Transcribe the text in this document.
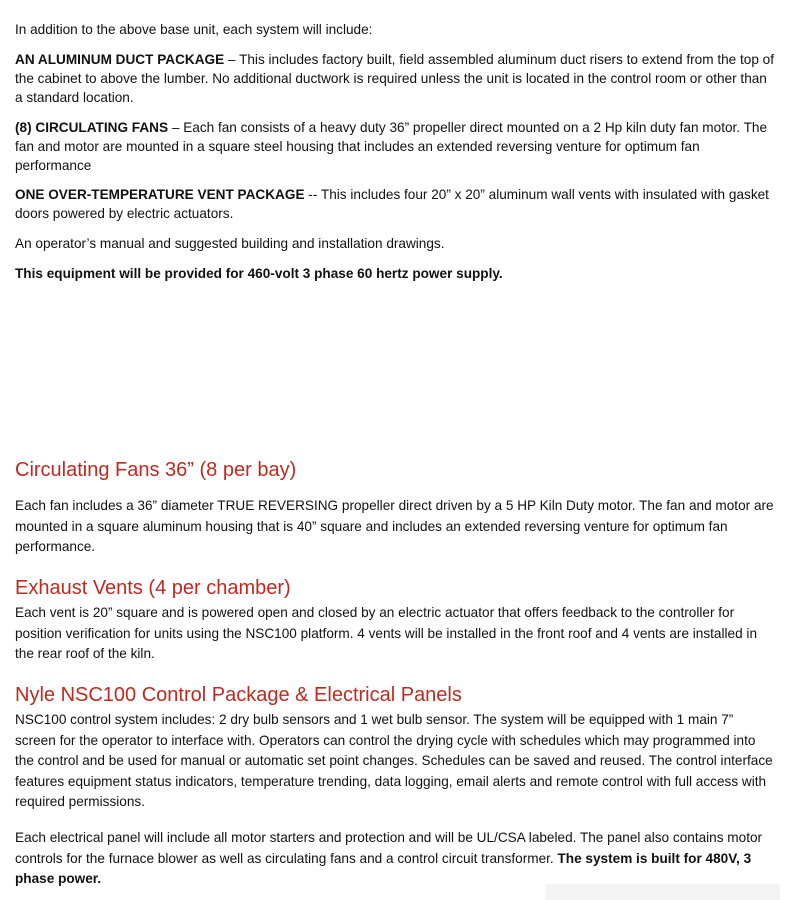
In addition to the above base unit, each system will include:

AN ALUMINUM DUCT PACKAGE – This includes factory built, field assembled aluminum duct risers to extend from the top of the cabinet to above the lumber. No additional ductwork is required unless the unit is located in the control room or other than a standard location.

(8) CIRCULATING FANS – Each fan consists of a heavy duty 36” propeller direct mounted on a 2 Hp kiln duty fan motor. The fan and motor are mounted in a square steel housing that includes an extended reversing venture for optimum fan performance

ONE OVER-TEMPERATURE VENT PACKAGE -- This includes four 20” x 20” aluminum wall vents with insulated with gasket doors powered by electric actuators.

An operator’s manual and suggested building and installation drawings.

This equipment will be provided for 460-volt 3 phase 60 hertz power supply.

Circulating Fans 36” (8 per bay)

Each fan includes a 36” diameter TRUE REVERSING propeller direct driven by a 5 HP Kiln Duty motor. The fan and motor are mounted in a square aluminum housing that is 40” square and includes an extended reversing venture for optimum fan performance.

Exhaust Vents (4 per chamber)

Each vent is 20” square and is powered open and closed by an electric actuator that offers feedback to the controller for position verification for units using the NSC100 platform. 4 vents will be installed in the front roof and 4 vents are installed in the rear roof of the kiln.

Nyle NSC100 Control Package & Electrical Panels

NSC100 control system includes: 2 dry bulb sensors and 1 wet bulb sensor. The system will be equipped with 1 main 7” screen for the operator to interface with. Operators can control the drying cycle with schedules which may programmed into the control and be used for manual or automatic set point changes. Schedules can be saved and reused. The control interface features equipment status indicators, temperature trending, data logging, email alerts and remote control with full access with required permissions.

Each electrical panel will include all motor starters and protection and will be UL/CSA labeled. The panel also contains motor controls for the furnace blower as well as circulating fans and a control circuit transformer. The system is built for 480V, 3 phase power.
